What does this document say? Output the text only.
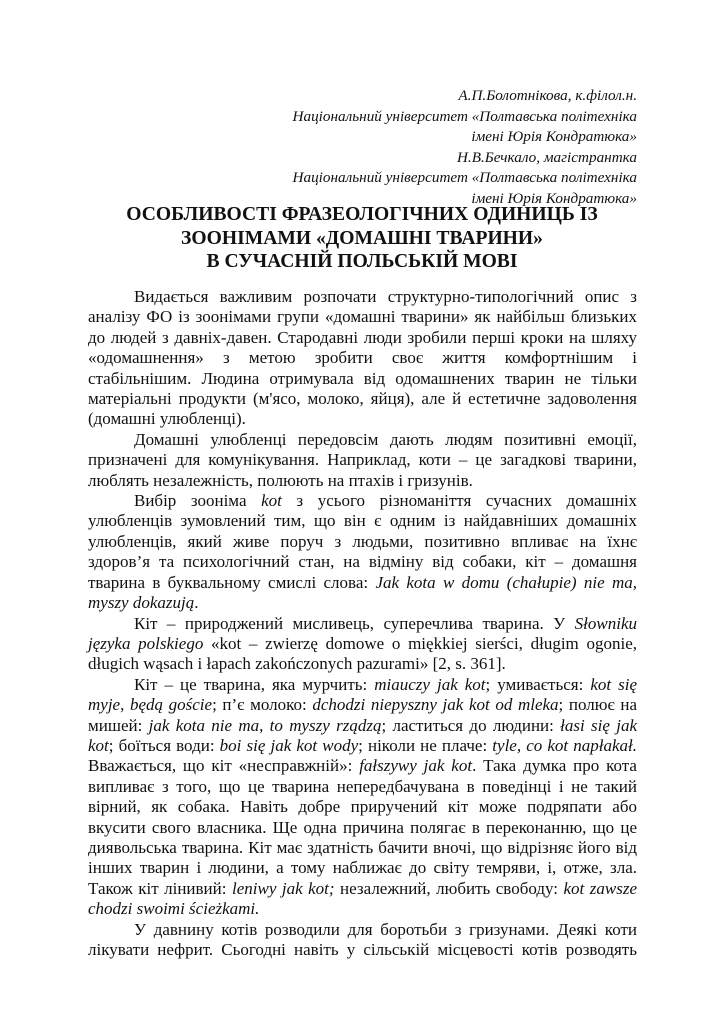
А.П.Болотнікова, к.філол.н.
Національний університет «Полтавська політехніка
імені Юрія Кондратюка»
Н.В.Бечкало, магістрантка
Національний університет «Полтавська політехніка
імені Юрія Кондратюка»
ОСОБЛИВОСТІ ФРАЗЕОЛОГІЧНИХ ОДИНИЦЬ ІЗ
ЗООНІМАМИ «ДОМАШНІ ТВАРИНИ»
В СУЧАСНІЙ ПОЛЬСЬКІЙ МОВІ
Видається важливим розпочати структурно-типологічний опис з
аналізу ФО із зоонімами групи «домашні тварини» як найбільш близьких
до людей з давніх-давен. Стародавні люди зробили перші кроки на шляху
«одомашнення» з метою зробити своє життя комфортнішим і
стабільнішим. Людина отримувала від одомашнених тварин не тільки
матеріальні продукти (м'ясо, молоко, яйця), але й естетичне задоволення
(домашні улюбленці).
Домашні улюбленці передовсім дають людям позитивні емоції,
призначені для комунікування. Наприклад, коти – це загадкові тварини,
люблять незалежність, полюють на птахів і гризунів.
Вибір зооніма kot з усього різноманіття сучасних домашніх
улюбленців зумовлений тим, що він є одним із найдавніших домашніх
улюбленців, який живе поруч з людьми, позитивно впливає на їхнє
здоров’я та психологічний стан, на відміну від собаки, кіт – домашня
тварина в буквальному смислі слова: Jak kota w domu (chałupie) nie ma,
myszy dokazują.
Кіт – природжений мисливець, суперечлива тварина. У Słowniku
języka polskiego «kot – zwierzę domowe o miękkiej sierści, długim ogonie,
długich wąsach i łapach zakończonych pazurami» [2, s. 361].
Кіт – це тварина, яка мурчить: miauczy jak kot; умивається: kot się
myje, będą goście; п’є молоко: dchodzi niepyszny jak kot od mleka; полює на
мишей: jak kota nie ma, to myszy rządzą; ластиться до людини: łasi się jak
kot; боїться води: boi się jak kot wody; ніколи не плаче: tyle, co kot napłakał.
Вважається, що кіт «несправжній»: fałszywy jak kot. Така думка про кота
випливає з того, що це тварина непередбачувана в поведінці і не такий
вірний, як собака. Навіть добре приручений кіт може подряпати або
вкусити свого власника. Ще одна причина полягає в переконанню, що це
диявольська тварина. Кіт має здатність бачити вночі, що відрізняє його від
інших тварин і людини, а тому наближає до світу темряви, і, отже, зла.
Також кіт лінивий: leniwy jak kot; незалежний, любить свободу: kot zawsze
chodzi swoimi ścieżkami.
У давнину котів розводили для боротьби з гризунами. Деякі коти
лікувати нефрит. Сьогодні навіть у сільській місцевості котів розводять
